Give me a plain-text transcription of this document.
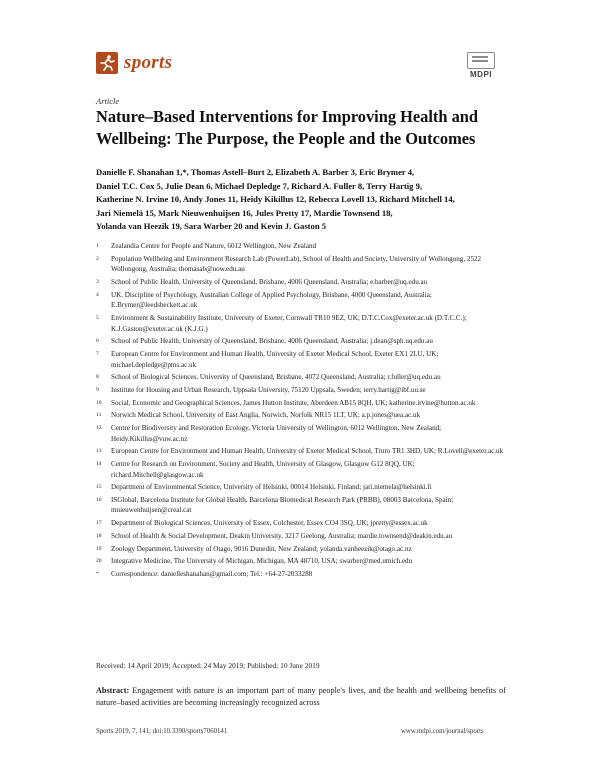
sports
MDPI
Article
Nature–Based Interventions for Improving Health and Wellbeing: The Purpose, the People and the Outcomes
Danielle F. Shanahan 1,*, Thomas Astell–Burt 2, Elizabeth A. Barber 3, Eric Brymer 4,
Daniel T.C. Cox 5, Julie Dean 6, Michael Depledge 7, Richard A. Fuller 8, Terry Hartig 9,
Katherine N. Irvine 10, Andy Jones 11, Heidy Kikillus 12, Rebecca Lovell 13, Richard Mitchell 14,
Jari Niemelä 15, Mark Nieuwenhuijsen 16, Jules Pretty 17, Mardie Townsend 18,
Yolanda van Heezik 19, Sara Warber 20 and Kevin J. Gaston 5
1	Zealandia Centre for People and Nature, 6012 Wellington, New Zealand
2	Population Wellbeing and Environment Research Lab (PowerLab), School of Health and Society, University of Wollongong, 2522 Wollongong, Australia; thomasab@uow.edu.au
3	School of Public Health, University of Queensland, Brisbane, 4006 Queensland, Australia; e.barber@uq.edu.au
4	UK. Discipline of Psychology, Australian College of Applied Psychology, Brisbane, 4000 Queensland, Australia; E.Brymer@leedsbeckett.ac.uk
5	Environment & Sustainability Institute, University of Exeter, Cornwall TR10 9EZ, UK; D.T.C.Cox@exeter.ac.uk (D.T.C.C.); K.J.Gaston@exeter.ac.uk (K.J.G.)
6	School of Public Health, University of Queensland, Brisbane, 4006 Queensland, Australia; j.dean@sph.uq.edu.au
7	European Centre for Environment and Human Health, University of Exeter Medical School, Exeter EX1 2LU, UK; michael.depledge@pms.ac.uk
8	School of Biological Sciences, University of Queensland, Brisbane, 4072 Queensland, Australia; r.fuller@uq.edu.au
9	Institute for Housing and Urban Research, Uppsala University, 75120 Uppsala, Sweden; terry.hartig@ibf.uu.se
10	Social, Economic and Geographical Sciences, James Hutton Institute, Aberdeen AB15 8QH, UK; katherine.irvine@hutton.ac.uk
11	Norwich Medical School, University of East Anglia, Norwich, Norfolk NR15 1LT, UK; a.p.jones@uea.ac.uk
12	Centre for Biodiversity and Restoration Ecology, Victoria University of Wellington, 6012 Wellington, New Zealand; Heidy.Kikillus@vuw.ac.nz
13	European Centre for Environment and Human Health, University of Exeter Medical School, Truro TR1 3HD, UK; R.Lovell@exeter.ac.uk
14	Centre for Research on Environment, Society and Health, University of Glasgow, Glasgow G12 8QQ, UK; richard.Mitchell@glasgow.ac.uk
15	Department of Environmental Science, University of Helsinki, 00014 Helsinki, Finland; jari.niemela@helsinki.fi
16	ISGlobal, Barcelona Institute for Global Health, Barcelona Biomedical Research Park (PRBB), 08003 Barcelona, Spain; mnieuwenhuijsen@creal.cat
17	Department of Biological Sciences, University of Essex, Colchester, Essex CO4 3SQ, UK; jpretty@essex.ac.uk
18	School of Health & Social Development, Deakin University, 3217 Geelong, Australia; mardie.townsend@deakin.edu.au
19	Zoology Department, University of Otago, 9016 Dunedin, New Zealand; yolanda.vanheezik@otago.ac.nz
20	Integrative Medicine, The University of Michigan, Michigan, MA 48710, USA; swarber@med.umich.edu
*	Correspondence: danielleshanahan@gmail.com; Tel.: +64-27-2033288
Received: 14 April 2019; Accepted: 24 May 2019; Published: 10 June 2019
Abstract: Engagement with nature is an important part of many people's lives, and the health and wellbeing benefits of nature–based activities are becoming increasingly recognized across
Sports 2019, 7, 141; doi:10.3390/sports7060141	www.mdpi.com/journal/sports
